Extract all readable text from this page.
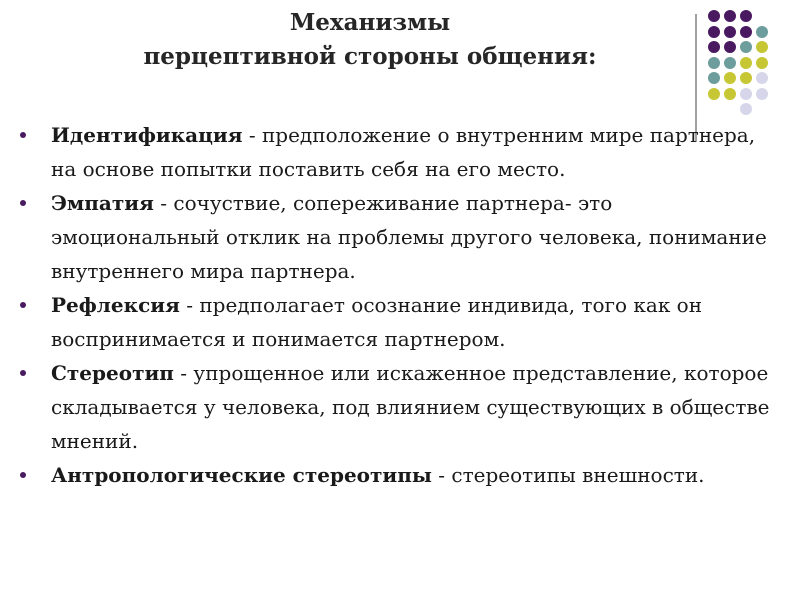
Механизмы
перцептивной стороны общения:
Идентификация - предположение о внутренним мире партнера, на основе попытки поставить себя на его место.
Эмпатия - сочуствие, сопереживание партнера- это эмоциональный отклик на проблемы другого человека, понимание внутреннего мира партнера.
Рефлексия - предполагает осознание индивида, того как он воспринимается и понимается партнером.
Стереотип - упрощенное или искаженное представление, которое складывается у человека, под влиянием существующих в обществе мнений.
Антропологические стереотипы - стереотипы внешности.
